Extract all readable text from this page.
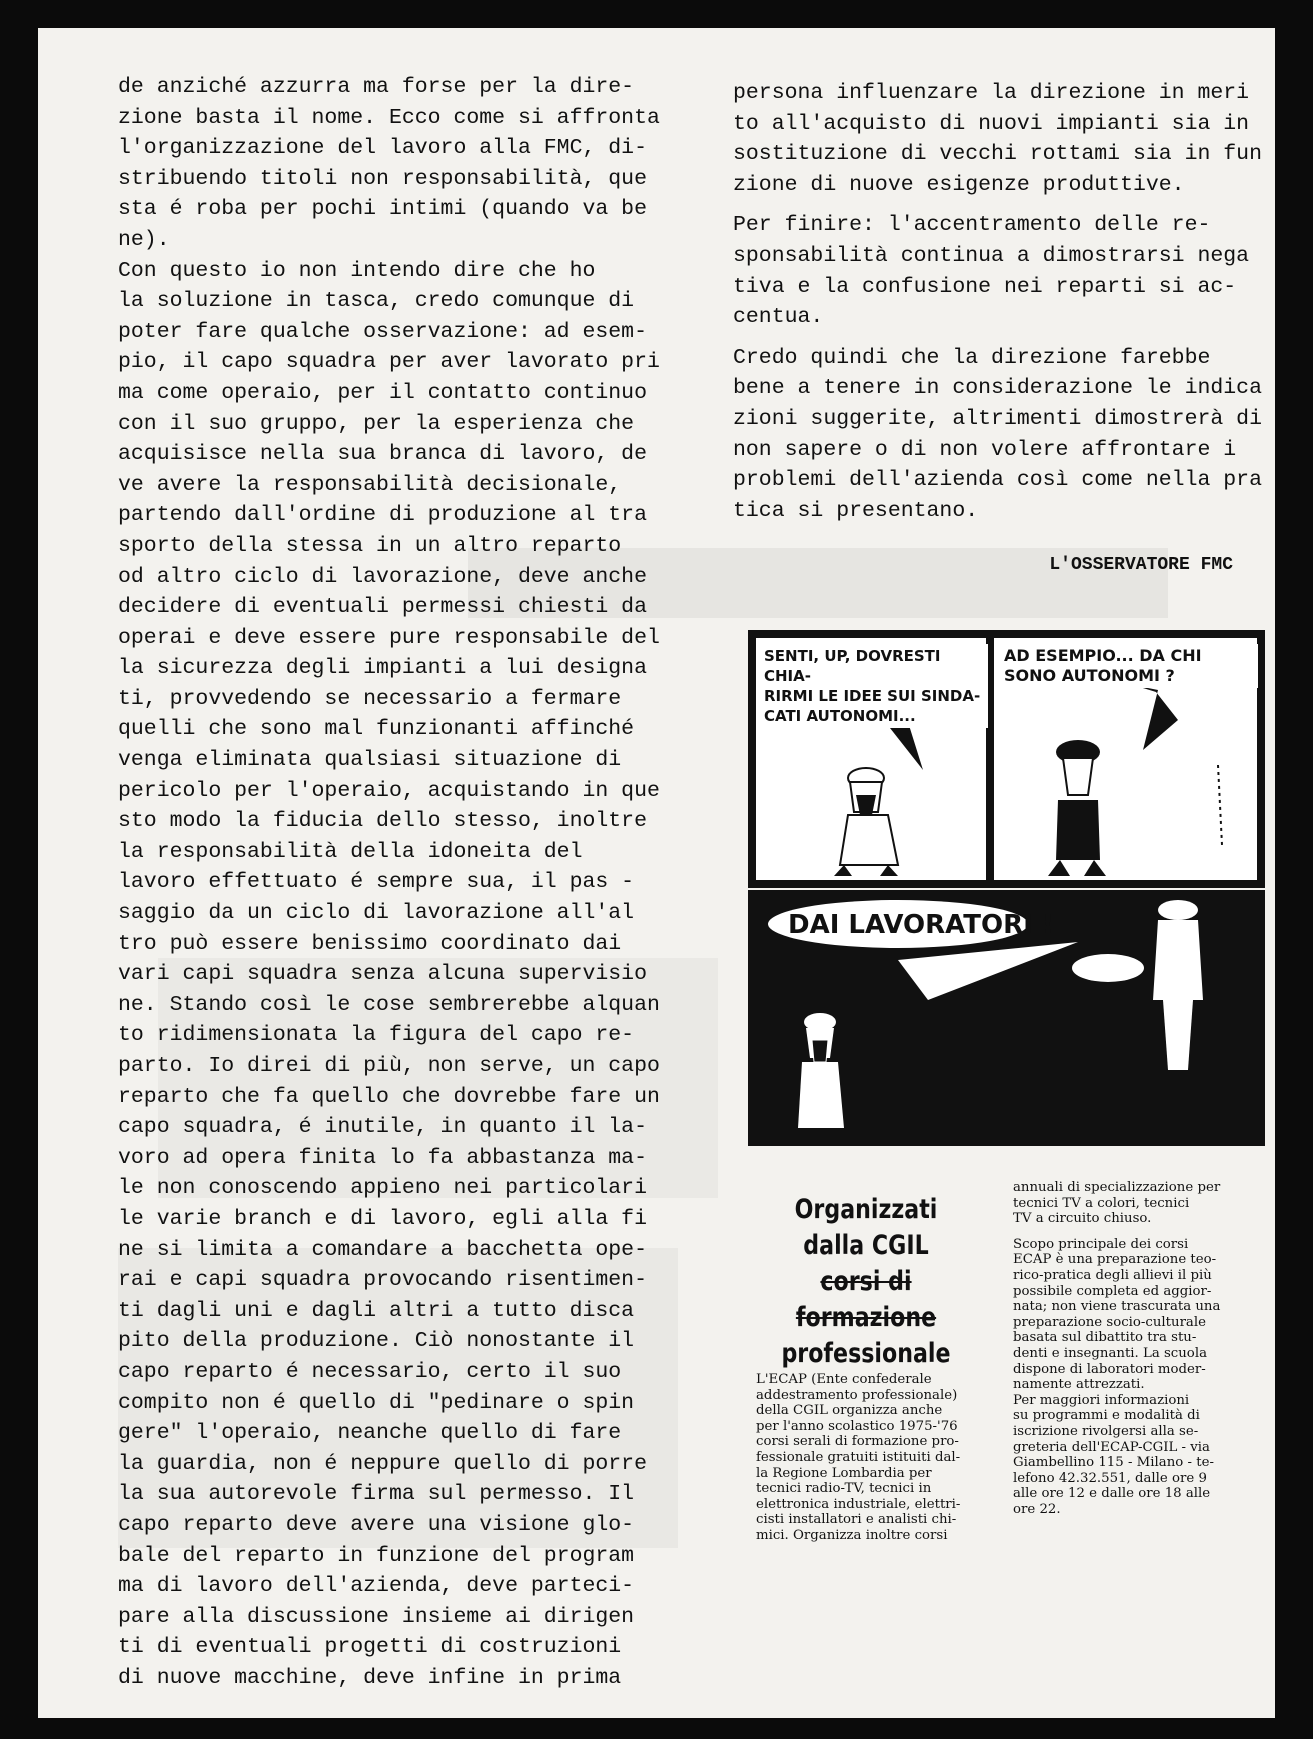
de anziché azzurra ma forse per la dire-
zione basta il nome. Ecco come si affronta
l'organizzazione del lavoro alla FMC, di-
stribuendo titoli non responsabilità, que
sta é roba per pochi intimi (quando va be
ne).
Con questo io non intendo dire che ho
la soluzione in tasca, credo comunque di
poter fare qualche osservazione: ad esem-
pio, il capo squadra per aver lavorato pri
ma come operaio, per il contatto continuo
con il suo gruppo, per la esperienza che
acquisisce nella sua branca di lavoro, de
ve avere la responsabilità decisionale,
partendo dall'ordine di produzione al tra
sporto della stessa in un altro reparto
od altro ciclo di lavorazione, deve anche
decidere di eventuali permessi chiesti da
operai e deve essere pure responsabile del
la sicurezza degli impianti a lui designa
ti, provvedendo se necessario a fermare
quelli che sono mal funzionanti affinché
venga eliminata qualsiasi situazione di
pericolo per l'operaio, acquistando in que
sto modo la fiducia dello stesso, inoltre
la responsabilità della idoneita del
lavoro effettuato é sempre sua, il pas -
saggio da un ciclo di lavorazione all'al
tro può essere benissimo coordinato dai
vari capi squadra senza alcuna supervisio
ne. Stando così le cose sembrerebbe alquan
to ridimensionata la figura del capo re-
parto. Io direi di più, non serve, un capo
reparto che fa quello che dovrebbe fare un
capo squadra, é inutile, in quanto il la-
voro ad opera finita lo fa abbastanza ma-
le non conoscendo appieno nei particolari
le varie branch e di lavoro, egli alla fi
ne si limita a comandare a bacchetta ope-
rai e capi squadra provocando risentimen-
ti dagli uni e dagli altri a tutto disca
pito della produzione. Ciò nonostante il
capo reparto é necessario, certo il suo
compito non é quello di "pedinare o spin
gere" l'operaio, neanche quello di fare
la guardia, non é neppure quello di porre
la sua autorevole firma sul permesso. Il
capo reparto deve avere una visione glo-
bale del reparto in funzione del program
ma di lavoro dell'azienda, deve parteci-
pare alla discussione insieme ai dirigen
ti di eventuali progetti di costruzioni
di nuove macchine, deve infine in prima
persona influenzare la direzione in meri
to all'acquisto di nuovi impianti sia in
sostituzione di vecchi rottami sia in fun
zione di nuove esigenze produttive.
Per finire: l'accentramento delle re-
sponsabilità continua a dimostrarsi nega
tiva e la confusione nei reparti si ac-
centua.
Credo quindi che la direzione farebbe
bene a tenere in considerazione le indica
zioni suggerite, altrimenti dimostrerà di
non sapere o di non volere affrontare i
problemi dell'azienda così come nella pra
tica si presentano.
L'OSSERVATORE FMC
SENTI, UP, DOVRESTI CHIA-
RIRMI LE IDEE SUI SINDA-
CATI AUTONOMI...
AD ESEMPIO... DA CHI
SONO AUTONOMI ?
DAI LAVORATORI !
Organizzati
dalla CGIL
corsi di formazione
professionale
L'ECAP (Ente confederale
addestramento professionale)
della CGIL organizza anche
per l'anno scolastico 1975-'76
corsi serali di formazione pro-
fessionale gratuiti istituiti dal-
la Regione Lombardia per
tecnici radio-TV, tecnici in
elettronica industriale, elettri-
cisti installatori e analisti chi-
mici. Organizza inoltre corsi
annuali di specializzazione per
tecnici TV a colori, tecnici
TV a circuito chiuso.
Scopo principale dei corsi
ECAP è una preparazione teo-
rico-pratica degli allievi il più
possibile completa ed aggior-
nata; non viene trascurata una
preparazione socio-culturale
basata sul dibattito tra stu-
denti e insegnanti. La scuola
dispone di laboratori moder-
namente attrezzati.
Per maggiori informazioni
su programmi e modalità di
iscrizione rivolgersi alla se-
greteria dell'ECAP-CGIL - via
Giambellino 115 - Milano - te-
lefono 42.32.551, dalle ore 9
alle ore 12 e dalle ore 18 alle
ore 22.
